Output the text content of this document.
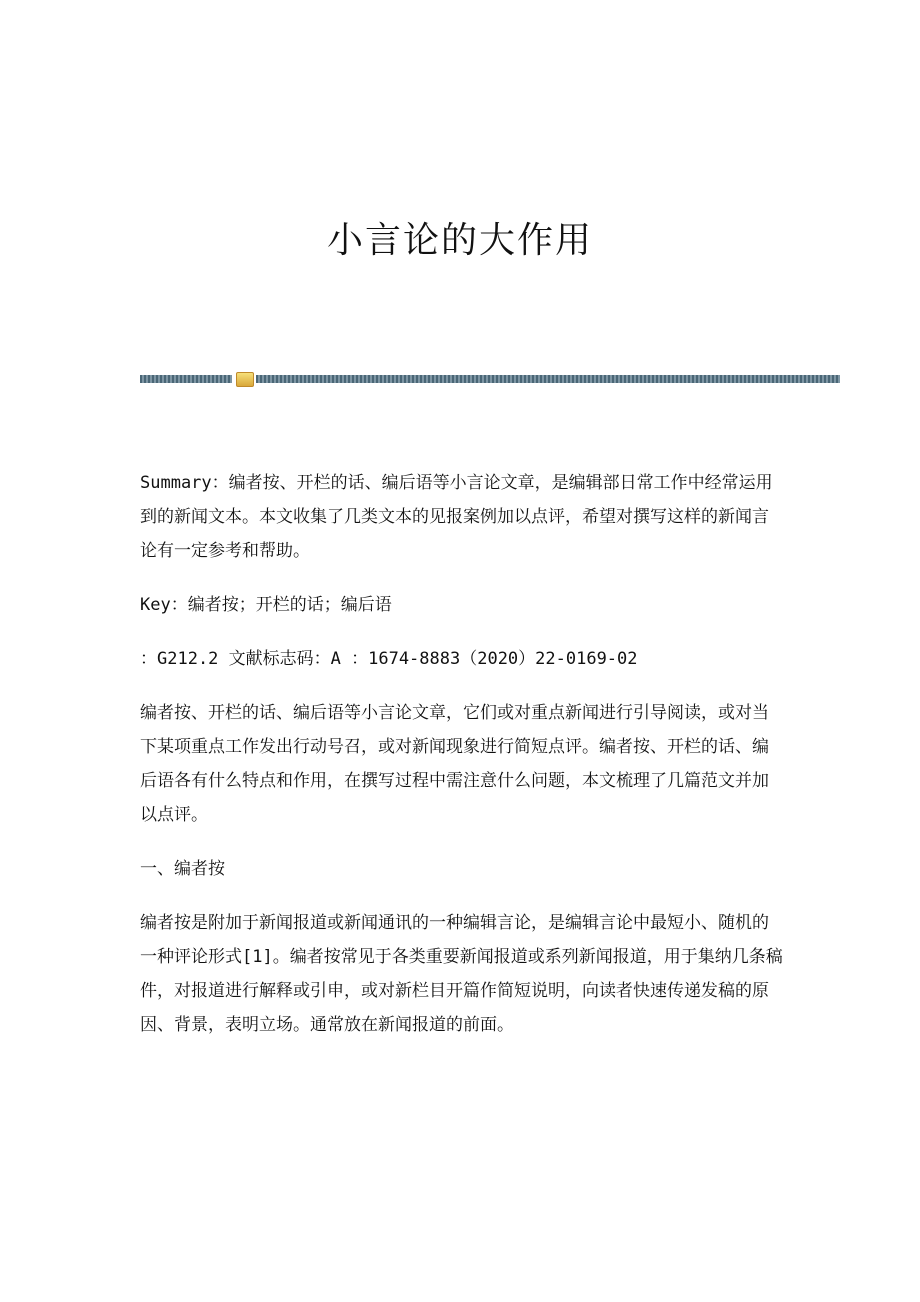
小言论的大作用

Summary：编者按、开栏的话、编后语等小言论文章，是编辑部日常工作中经常运用到的新闻文本。本文收集了几类文本的见报案例加以点评，希望对撰写这样的新闻言论有一定参考和帮助。

Key：编者按；开栏的话；编后语

：G212.2 文献标志码：A ：1674-8883（2020）22-0169-02

编者按、开栏的话、编后语等小言论文章，它们或对重点新闻进行引导阅读，或对当下某项重点工作发出行动号召，或对新闻现象进行简短点评。编者按、开栏的话、编后语各有什么特点和作用，在撰写过程中需注意什么问题，本文梳理了几篇范文并加以点评。

一、编者按

编者按是附加于新闻报道或新闻通讯的一种编辑言论，是编辑言论中最短小、随机的一种评论形式[1]。编者按常见于各类重要新闻报道或系列新闻报道，用于集纳几条稿件，对报道进行解释或引申，或对新栏目开篇作简短说明，向读者快速传递发稿的原因、背景，表明立场。通常放在新闻报道的前面。
